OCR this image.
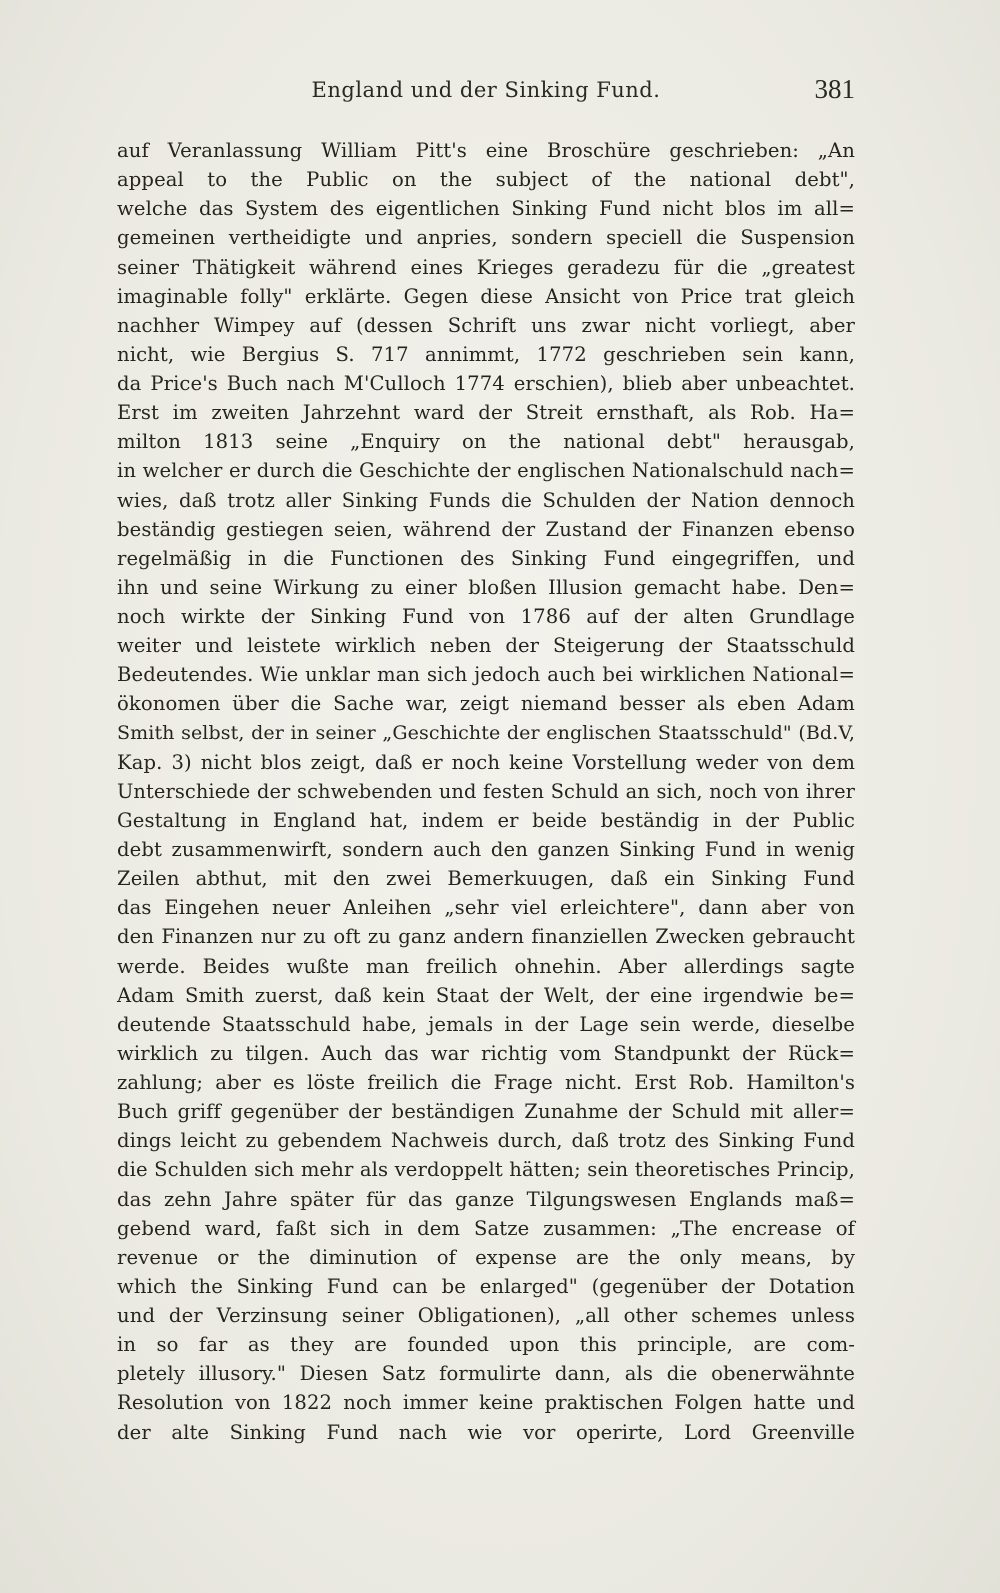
England und der Sinking Fund.	381
auf Veranlassung William Pitt's eine Broschüre geschrieben: „An
appeal to the Public on the subject of the national debt",
welche das System des eigentlichen Sinking Fund nicht blos im all=
gemeinen vertheidigte und anpries, sondern speciell die Suspension
seiner Thätigkeit während eines Krieges geradezu für die „greatest
imaginable folly" erklärte. Gegen diese Ansicht von Price trat gleich
nachher Wimpey auf (dessen Schrift uns zwar nicht vorliegt, aber
nicht, wie Bergius S. 717 annimmt, 1772 geschrieben sein kann,
da Price's Buch nach M'Culloch 1774 erschien), blieb aber unbeachtet.
Erst im zweiten Jahrzehnt ward der Streit ernsthaft, als Rob. Ha=
milton 1813 seine „Enquiry on the national debt" herausgab,
in welcher er durch die Geschichte der englischen Nationalschuld nach=
wies, daß trotz aller Sinking Funds die Schulden der Nation dennoch
beständig gestiegen seien, während der Zustand der Finanzen ebenso
regelmäßig in die Functionen des Sinking Fund eingegriffen, und
ihn und seine Wirkung zu einer bloßen Illusion gemacht habe. Den=
noch wirkte der Sinking Fund von 1786 auf der alten Grundlage
weiter und leistete wirklich neben der Steigerung der Staatsschuld
Bedeutendes. Wie unklar man sich jedoch auch bei wirklichen National=
ökonomen über die Sache war, zeigt niemand besser als eben Adam
Smith selbst, der in seiner „Geschichte der englischen Staatsschuld" (Bd.V,
Kap. 3) nicht blos zeigt, daß er noch keine Vorstellung weder von dem
Unterschiede der schwebenden und festen Schuld an sich, noch von ihrer
Gestaltung in England hat, indem er beide beständig in der Public
debt zusammenwirft, sondern auch den ganzen Sinking Fund in wenig
Zeilen abthut, mit den zwei Bemerkuugen, daß ein Sinking Fund
das Eingehen neuer Anleihen „sehr viel erleichtere", dann aber von
den Finanzen nur zu oft zu ganz andern finanziellen Zwecken gebraucht
werde. Beides wußte man freilich ohnehin. Aber allerdings sagte
Adam Smith zuerst, daß kein Staat der Welt, der eine irgendwie be=
deutende Staatsschuld habe, jemals in der Lage sein werde, dieselbe
wirklich zu tilgen. Auch das war richtig vom Standpunkt der Rück=
zahlung; aber es löste freilich die Frage nicht. Erst Rob. Hamilton's
Buch griff gegenüber der beständigen Zunahme der Schuld mit aller=
dings leicht zu gebendem Nachweis durch, daß trotz des Sinking Fund
die Schulden sich mehr als verdoppelt hätten; sein theoretisches Princip,
das zehn Jahre später für das ganze Tilgungswesen Englands maß=
gebend ward, faßt sich in dem Satze zusammen: „The encrease of
revenue or the diminution of expense are the only means, by
which the Sinking Fund can be enlarged" (gegenüber der Dotation
und der Verzinsung seiner Obligationen), „all other schemes unless
in so far as they are founded upon this principle, are com-
pletely illusory." Diesen Satz formulirte dann, als die obenerwähnte
Resolution von 1822 noch immer keine praktischen Folgen hatte und
der alte Sinking Fund nach wie vor operirte, Lord Greenville
